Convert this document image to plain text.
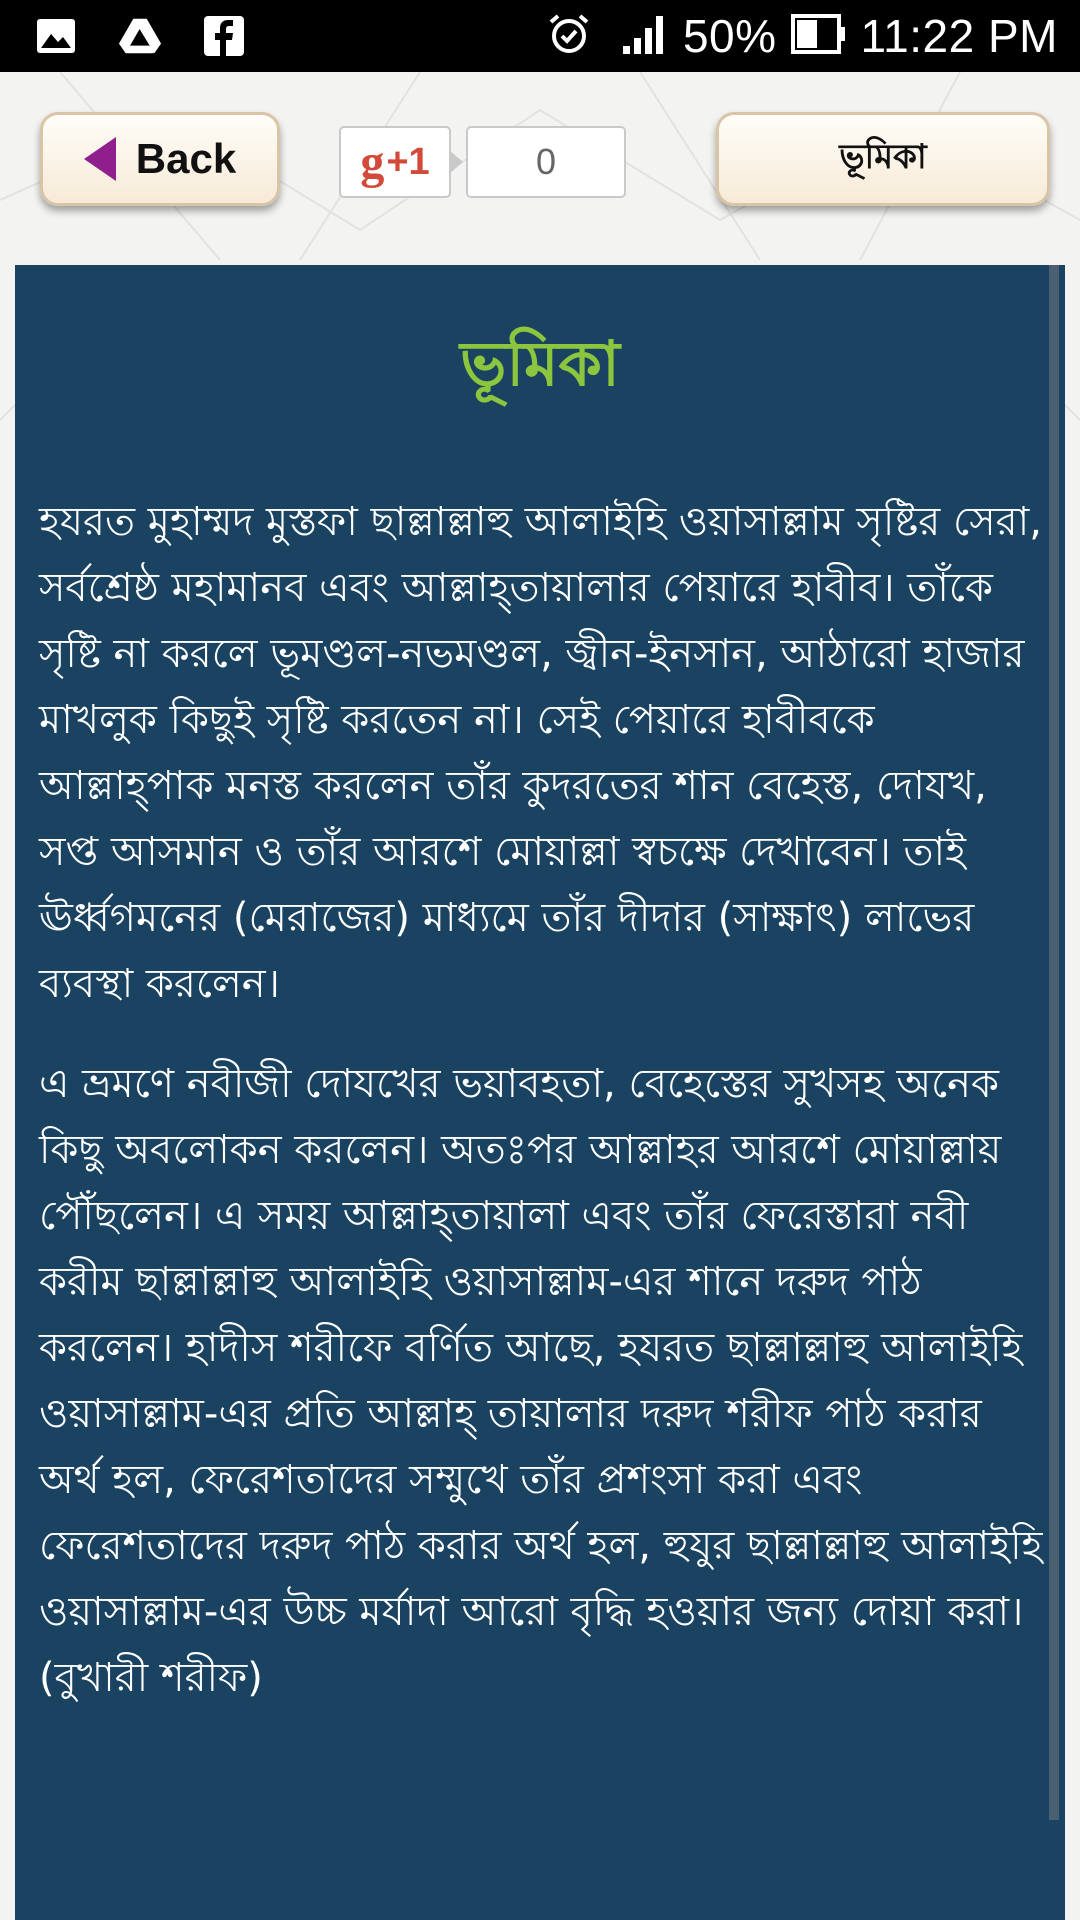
50% 11:22 PM
Back	ভূমিকা
g +1	0
ভূমিকা

হযরত মুহাম্মদ মুস্তফা ছাল্লাল্লাহু আলাইহি ওয়াসাল্লাম সৃষ্টির সেরা, সর্বশ্রেষ্ঠ মহামানব এবং আল্লাহ্‌তায়ালার পেয়ারে হাবীব। তাঁকে সৃষ্টি না করলে ভূমণ্ডল-নভমণ্ডল, জ্বীন-ইনসান, আঠারো হাজার মাখলুক কিছুই সৃষ্টি করতেন না। সেই পেয়ারে হাবীবকে আল্লাহ্‌পাক মনস্ত করলেন তাঁর কুদরতের শান বেহেস্ত, দোযখ, সপ্ত আসমান ও তাঁর আরশে মোয়াল্লা স্বচক্ষে দেখাবেন। তাই ঊর্ধ্বগমনের (মেরাজের) মাধ্যমে তাঁর দীদার (সাক্ষাৎ) লাভের ব্যবস্থা করলেন।

এ ভ্রমণে নবীজী দোযখের ভয়াবহতা, বেহেস্তের সুখসহ অনেক কিছু অবলোকন করলেন। অতঃপর আল্লাহর আরশে মোয়াল্লায় পৌঁছলেন। এ সময় আল্লাহ্‌তায়ালা এবং তাঁর ফেরেস্তারা নবী করীম ছাল্লাল্লাহু আলাইহি ওয়াসাল্লাম-এর শানে দরুদ পাঠ করলেন। হাদীস শরীফে বর্ণিত আছে, হযরত ছাল্লাল্লাহু আলাইহি ওয়াসাল্লাম-এর প্রতি আল্লাহ্ তায়ালার দরুদ শরীফ পাঠ করার অর্থ হল, ফেরেশতাদের সম্মুখে তাঁর প্রশংসা করা এবং ফেরেশতাদের দরুদ পাঠ করার অর্থ হল, হুযুর ছাল্লাল্লাহু আলাইহি ওয়াসাল্লাম-এর উচ্চ মর্যাদা আরো বৃদ্ধি হওয়ার জন্য দোয়া করা। (বুখারী শরীফ)
